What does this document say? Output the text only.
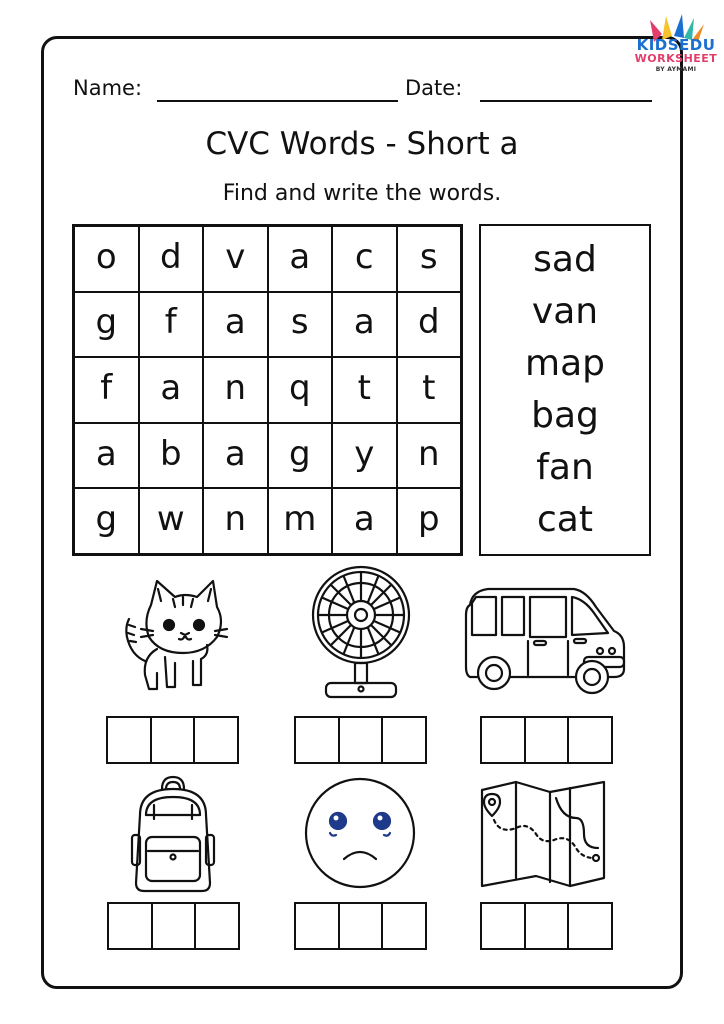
KIDSEDU
WORKSHEET
BY AYMAMI
Name:	Date:
CVC Words - Short a
Find and write the words.
o	d	v	a	c	s
g	f	a	s	a	d
f	a	n	q	t	t
a	b	a	g	y	n
g	w	n	m	a	p
sad
van
map
bag
fan
cat
